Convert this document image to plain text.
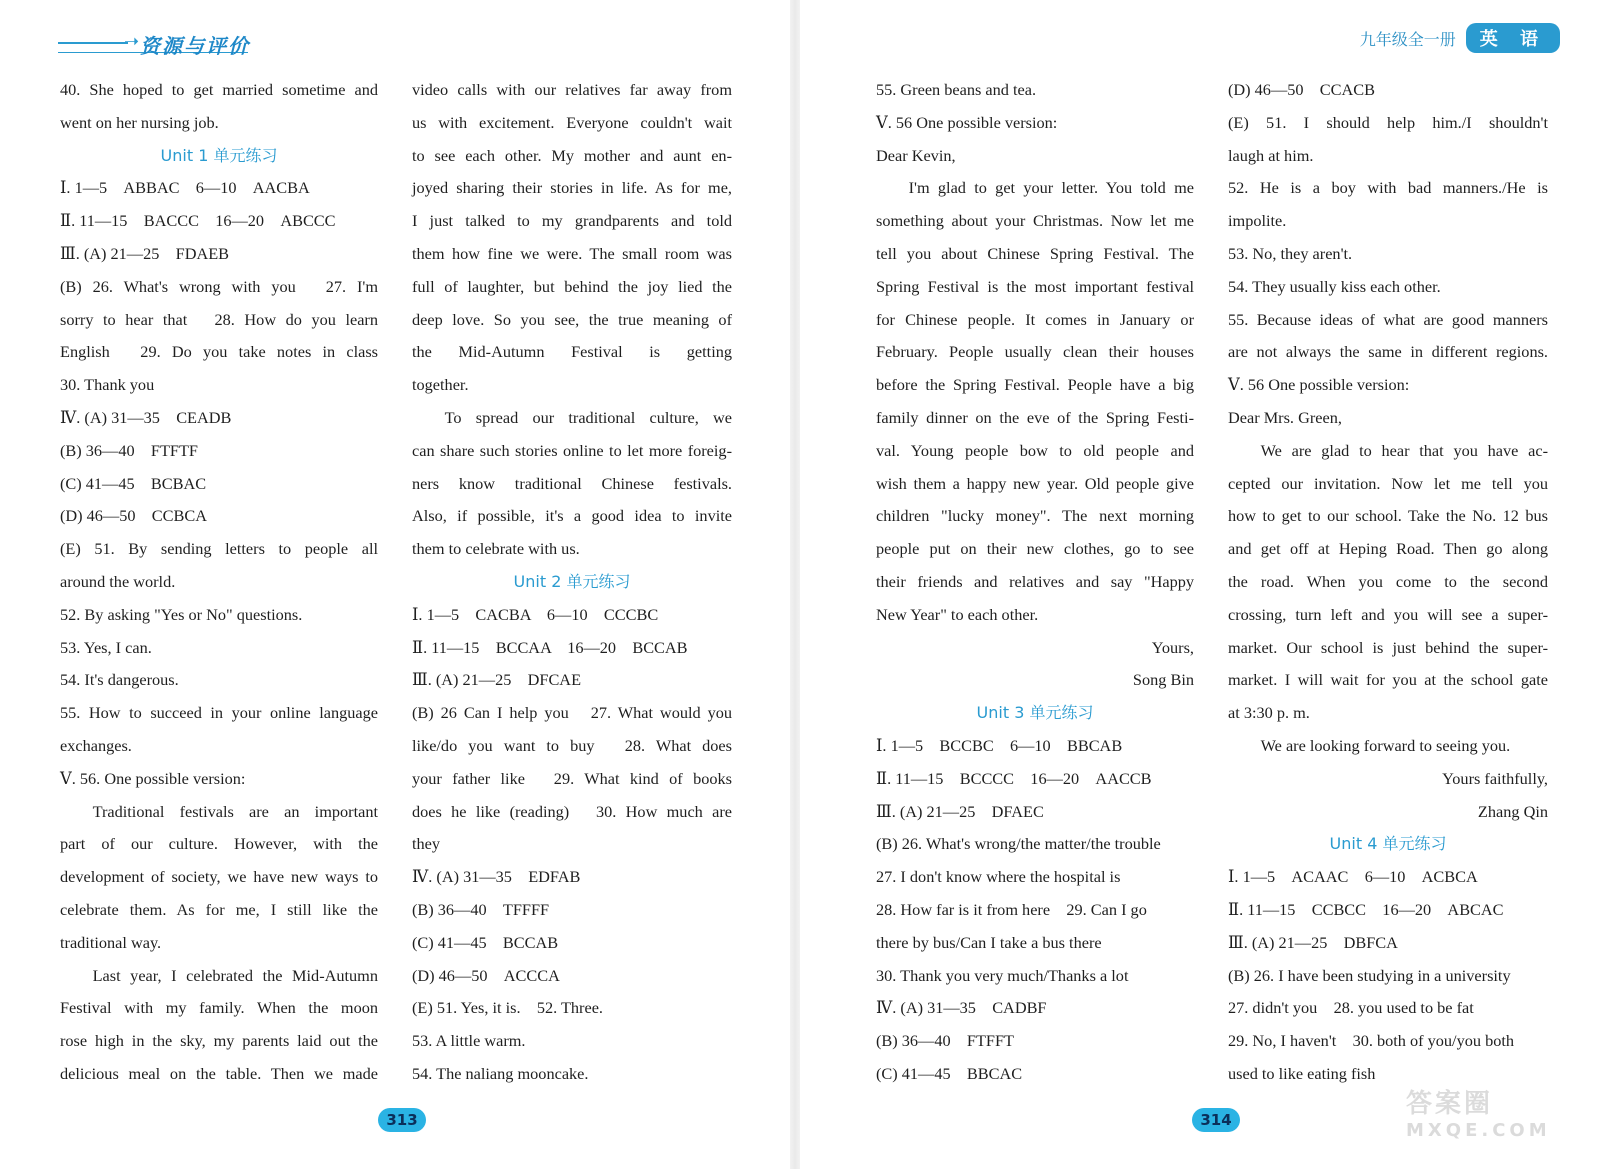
➝ 资源与评价

40. She hoped to get married sometime and

went on her nursing job.

Unit 1 单元练习

Ⅰ. 1—5　ABBAC　6—10　AACBA

Ⅱ. 11—15　BACCC　16—20　ABCCC

Ⅲ. (A) 21—25　FDAEB

(B) 26. What's wrong with you　27. I'm

sorry to hear that　28. How do you learn

English　29. Do you take notes in class

30. Thank you

Ⅳ. (A) 31—35　CEADB

(B) 36—40　FTFTF

(C) 41—45　BCBAC

(D) 46—50　CCBCA

(E) 51. By sending letters to people all

around the world.

52. By asking "Yes or No" questions.

53. Yes, I can.

54. It's dangerous.

55. How to succeed in your online language

exchanges.

Ⅴ. 56. One possible version:

Traditional festivals are an important

part of our culture. However, with the

development of society, we have new ways to

celebrate them. As for me, I still like the

traditional way.

Last year, I celebrated the Mid-Autumn

Festival with my family. When the moon

rose high in the sky, my parents laid out the

delicious meal on the table. Then we made

video calls with our relatives far away from

us with excitement. Everyone couldn't wait

to see each other. My mother and aunt en-

joyed sharing their stories in life. As for me,

I just talked to my grandparents and told

them how fine we were. The small room was

full of laughter, but behind the joy lied the

deep love. So you see, the true meaning of

the Mid-Autumn Festival is getting

together.

To spread our traditional culture, we

can share such stories online to let more foreig-

ners know traditional Chinese festivals.

Also, if possible, it's a good idea to invite

them to celebrate with us.

Unit 2 单元练习

Ⅰ. 1—5　CACBA　6—10　CCCBC

Ⅱ. 11—15　BCCAA　16—20　BCCAB

Ⅲ. (A) 21—25　DFCAE

(B) 26 Can I help you　27. What would you

like/do you want to buy　28. What does

your father like　29. What kind of books

does he like (reading)　30. How much are

they

Ⅳ. (A) 31—35　EDFAB

(B) 36—40　TFFFF

(C) 41—45　BCCAB

(D) 46—50　ACCCA

(E) 51. Yes, it is.　52. Three.

53. A little warm.

54. The naliang mooncake.

313
九年级全一册	英 语

55. Green beans and tea.

Ⅴ. 56 One possible version:

Dear Kevin,

I'm glad to get your letter. You told me

something about your Christmas. Now let me

tell you about Chinese Spring Festival. The

Spring Festival is the most important festival

for Chinese people. It comes in January or

February. People usually clean their houses

before the Spring Festival. People have a big

family dinner on the eve of the Spring Festi-

val. Young people bow to old people and

wish them a happy new year. Old people give

children "lucky money". The next morning

people put on their new clothes, go to see

their friends and relatives and say "Happy

New Year" to each other.

Yours,

Song Bin

Unit 3 单元练习

Ⅰ. 1—5　BCCBC　6—10　BBCAB

Ⅱ. 11—15　BCCCC　16—20　AACCB

Ⅲ. (A) 21—25　DFAEC

(B) 26. What's wrong/the matter/the trouble

27. I don't know where the hospital is

28. How far is it from here　29. Can I go

there by bus/Can I take a bus there

30. Thank you very much/Thanks a lot

Ⅳ. (A) 31—35　CADBF

(B) 36—40　FTFFT

(C) 41—45　BBCAC

(D) 46—50　CCACB

(E) 51. I should help him./I shouldn't

laugh at him.

52. He is a boy with bad manners./He is

impolite.

53. No, they aren't.

54. They usually kiss each other.

55. Because ideas of what are good manners

are not always the same in different regions.

Ⅴ. 56 One possible version:

Dear Mrs. Green,

We are glad to hear that you have ac-

cepted our invitation. Now let me tell you

how to get to our school. Take the No. 12 bus

and get off at Heping Road. Then go along

the road. When you come to the second

crossing, turn left and you will see a super-

market. Our school is just behind the super-

market. I will wait for you at the school gate

at 3:30 p. m.

We are looking forward to seeing you.

Yours faithfully,

Zhang Qin

Unit 4 单元练习

Ⅰ. 1—5　ACAAC　6—10　ACBCA

Ⅱ. 11—15　CCBCC　16—20　ABCAC

Ⅲ. (A) 21—25　DBFCA

(B) 26. I have been studying in a university

27. didn't you　28. you used to be fat

29. No, I haven't　30. both of you/you both

used to like eating fish

314
答案圈
MXQE.COM
